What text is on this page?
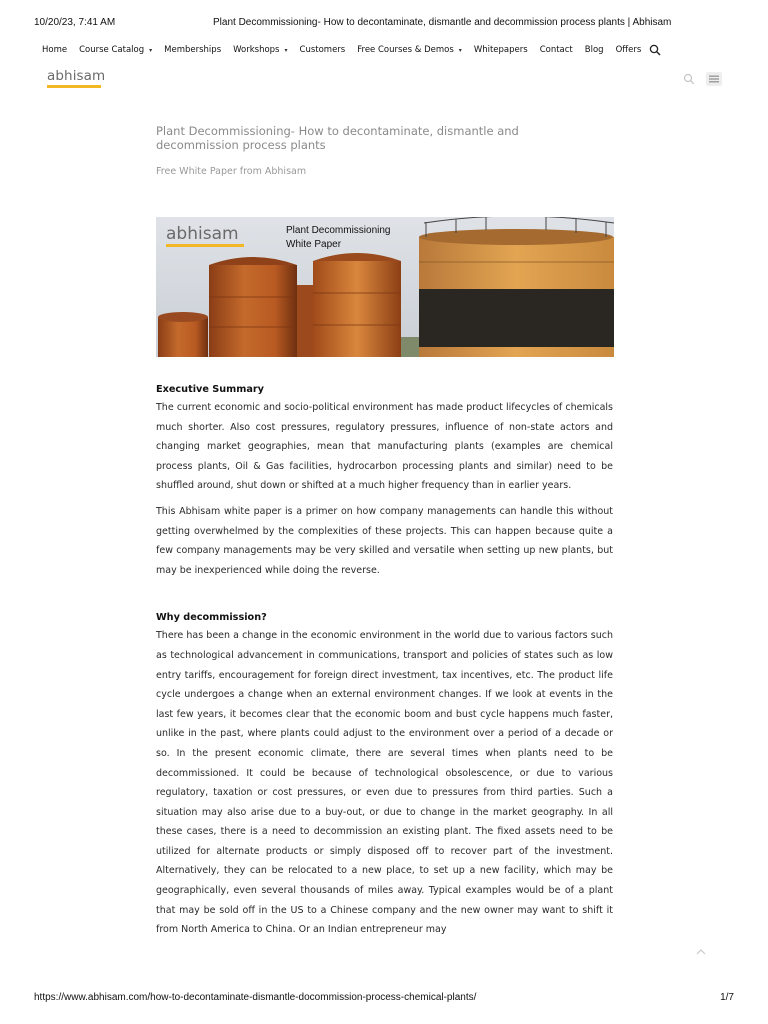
10/20/23, 7:41 AM	Plant Decommissioning- How to decontaminate, dismantle and decommission process plants | Abhisam
Home Course Catalog ▾ Memberships Workshops ▾ Customers Free Courses & Demos ▾ Whitepapers Contact Blog Offers
abhisam
Plant Decommissioning- How to decontaminate, dismantle and decommission process plants
Free White Paper from Abhisam
abhisam	Plant Decommissioning
White Paper
Executive Summary

The current economic and socio-political environment has made product lifecycles of chemicals much shorter. Also cost pressures, regulatory pressures, influence of non-state actors and changing market geographies, mean that manufacturing plants (examples are chemical process plants, Oil & Gas facilities, hydrocarbon processing plants and similar) need to be shuffled around, shut down or shifted at a much higher frequency than in earlier years.

This Abhisam white paper is a primer on how company managements can handle this without getting overwhelmed by the complexities of these projects. This can happen because quite a few company managements may be very skilled and versatile when setting up new plants, but may be inexperienced while doing the reverse.

Why decommission?

There has been a change in the economic environment in the world due to various factors such as technological advancement in communications, transport and policies of states such as low entry tariffs, encouragement for foreign direct investment, tax incentives, etc. The product life cycle undergoes a change when an external environment changes. If we look at events in the last few years, it becomes clear that the economic boom and bust cycle happens much faster, unlike in the past, where plants could adjust to the environment over a period of a decade or so. In the present economic climate, there are several times when plants need to be decommissioned. It could be because of technological obsolescence, or due to various regulatory, taxation or cost pressures, or even due to pressures from third parties. Such a situation may also arise due to a buy-out, or due to change in the market geography. In all these cases, there is a need to decommission an existing plant. The fixed assets need to be utilized for alternate products or simply disposed off to recover part of the investment. Alternatively, they can be relocated to a new place, to set up a new facility, which may be geographically, even several thousands of miles away. Typical examples would be of a plant that may be sold off in the US to a Chinese company and the new owner may want to shift it from North America to China. Or an Indian entrepreneur may

https://www.abhisam.com/how-to-decontaminate-dismantle-docommission-process-chemical-plants/	1/7
